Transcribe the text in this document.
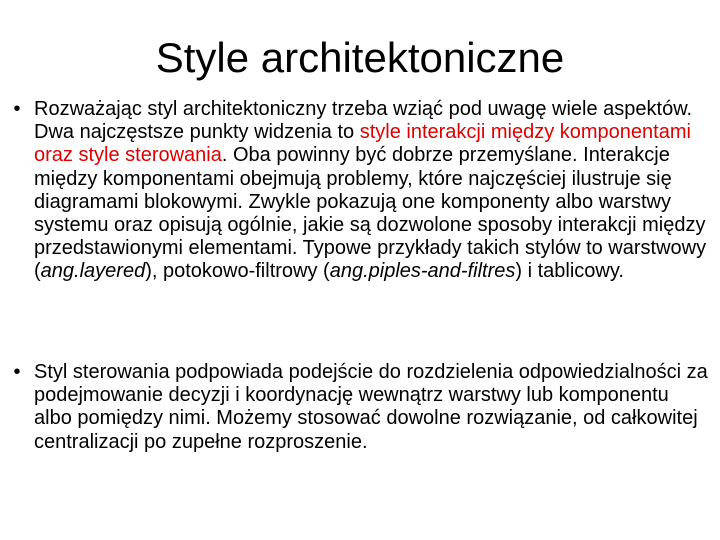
Style architektoniczne
• Rozważając styl architektoniczny trzeba wziąć pod uwagę wiele aspektów. Dwa najczęstsze punkty widzenia to style interakcji między komponentami oraz style sterowania. Oba powinny być dobrze przemyślane. Interakcje między komponentami obejmują problemy, które najczęściej ilustruje się diagramami blokowymi. Zwykle pokazują one komponenty albo warstwy systemu oraz opisują ogólnie, jakie są dozwolone sposoby interakcji między przedstawionymi elementami. Typowe przykłady takich stylów to warstwowy (ang.layered), potokowo-filtrowy (ang.piples-and-filtres) i tablicowy.
• Styl sterowania podpowiada podejście do rozdzielenia odpowiedzialności za podejmowanie decyzji i koordynację wewnątrz warstwy lub komponentu albo pomiędzy nimi. Możemy stosować dowolne rozwiązanie, od całkowitej centralizacji po zupełne rozproszenie.
